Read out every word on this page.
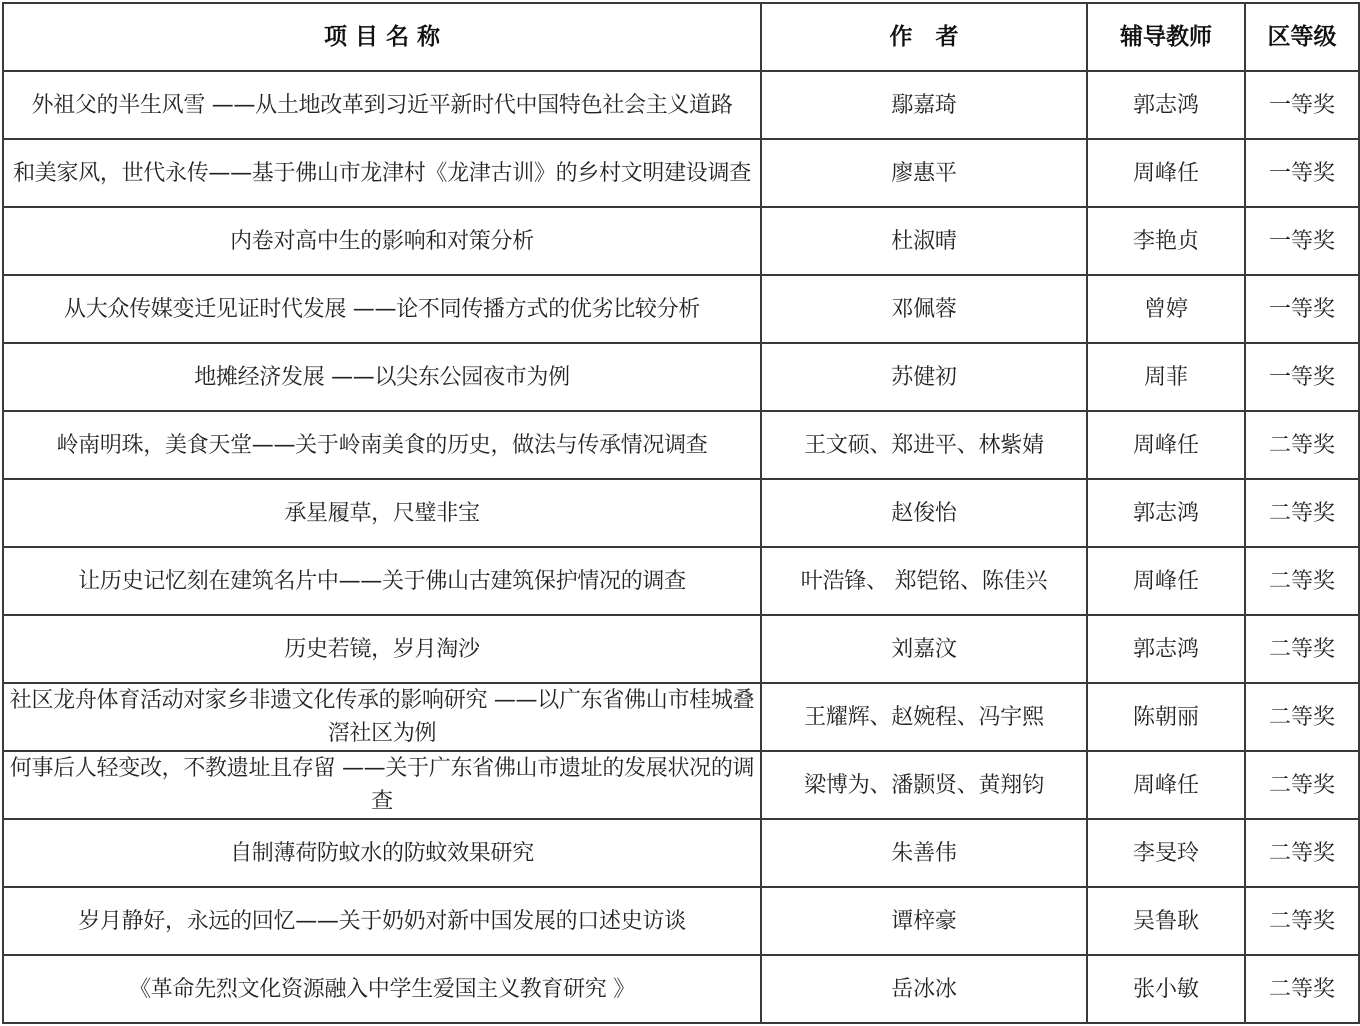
项 目 名 称	作　者	辅导教师	区等级
外祖父的半生风雪 ——从土地改革到习近平新时代中国特色社会主义道路	鄢嘉琦	郭志鸿	一等奖
和美家风，世代永传——基于佛山市龙津村《龙津古训》的乡村文明建设调查	廖惠平	周峰任	一等奖
内卷对高中生的影响和对策分析	杜淑晴	李艳贞	一等奖
从大众传媒变迁见证时代发展 ——论不同传播方式的优劣比较分析	邓佩蓉	曾婷	一等奖
地摊经济发展 ——以尖东公园夜市为例	苏健初	周菲	一等奖
岭南明珠，美食天堂——关于岭南美食的历史，做法与传承情况调查	王文硕、郑进平、林紫婧	周峰任	二等奖
承星履草，尺璧非宝	赵俊怡	郭志鸿	二等奖
让历史记忆刻在建筑名片中——关于佛山古建筑保护情况的调查	叶浩锋、 郑铠铭、陈佳兴	周峰任	二等奖
历史若镜，岁月淘沙	刘嘉汶	郭志鸿	二等奖
社区龙舟体育活动对家乡非遗文化传承的影响研究 ——以广东省佛山市桂城叠滘社区为例	王耀辉、赵婉程、冯宇熙	陈朝丽	二等奖
何事后人轻变改，不教遗址且存留 ——关于广东省佛山市遗址的发展状况的调查	梁博为、潘颢贤、黄翔钧	周峰任	二等奖
自制薄荷防蚊水的防蚊效果研究	朱善伟	李旻玲	二等奖
岁月静好，永远的回忆——关于奶奶对新中国发展的口述史访谈	谭梓豪	吴鲁耿	二等奖
《革命先烈文化资源融入中学生爱国主义教育研究 》	岳冰冰	张小敏	二等奖
